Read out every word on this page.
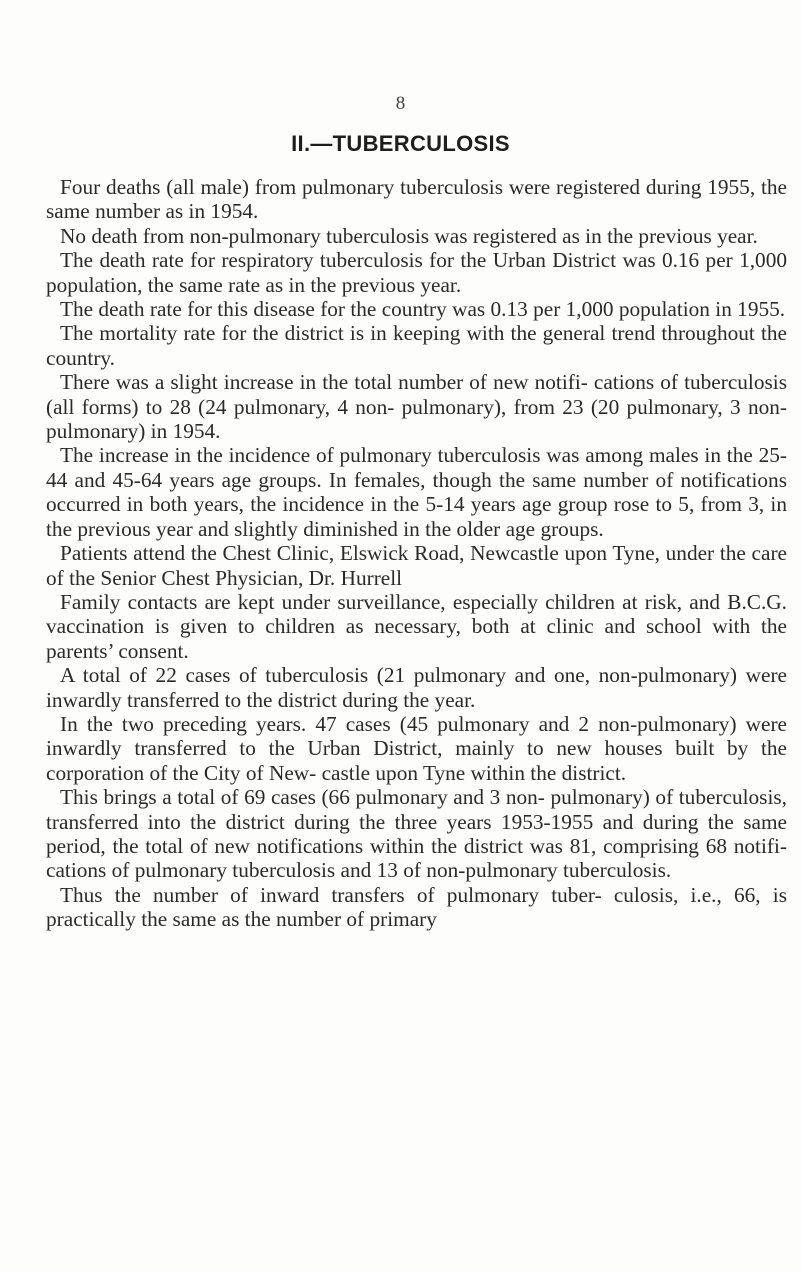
8
II.—TUBERCULOSIS

Four deaths (all male) from pulmonary tuberculosis were registered during 1955, the same number as in 1954.

No death from non-pulmonary tuberculosis was registered as in the previous year.

The death rate for respiratory tuberculosis for the Urban District was 0.16 per 1,000 population, the same rate as in the previous year.

The death rate for this disease for the country was 0.13 per 1,000 population in 1955.

The mortality rate for the district is in keeping with the general trend throughout the country.

There was a slight increase in the total number of new notifi- cations of tuberculosis (all forms) to 28 (24 pulmonary, 4 non- pulmonary), from 23 (20 pulmonary, 3 non-pulmonary) in 1954.

The increase in the incidence of pulmonary tuberculosis was among males in the 25-44 and 45-64 years age groups. In females, though the same number of notifications occurred in both years, the incidence in the 5-14 years age group rose to 5, from 3, in the previous year and slightly diminished in the older age groups.

Patients attend the Chest Clinic, Elswick Road, Newcastle upon Tyne, under the care of the Senior Chest Physician, Dr. Hurrell

Family contacts are kept under surveillance, especially children at risk, and B.C.G. vaccination is given to children as necessary, both at clinic and school with the parents’ consent.

A total of 22 cases of tuberculosis (21 pulmonary and one, non-pulmonary) were inwardly transferred to the district during the year.

In the two preceding years. 47 cases (45 pulmonary and 2 non-pulmonary) were inwardly transferred to the Urban District, mainly to new houses built by the corporation of the City of New- castle upon Tyne within the district.

This brings a total of 69 cases (66 pulmonary and 3 non- pulmonary) of tuberculosis, transferred into the district during the three years 1953-1955 and during the same period, the total of new notifications within the district was 81, comprising 68 notifi- cations of pulmonary tuberculosis and 13 of non-pulmonary tuberculosis.

Thus the number of inward transfers of pulmonary tuber- culosis, i.e., 66, is practically the same as the number of primary
